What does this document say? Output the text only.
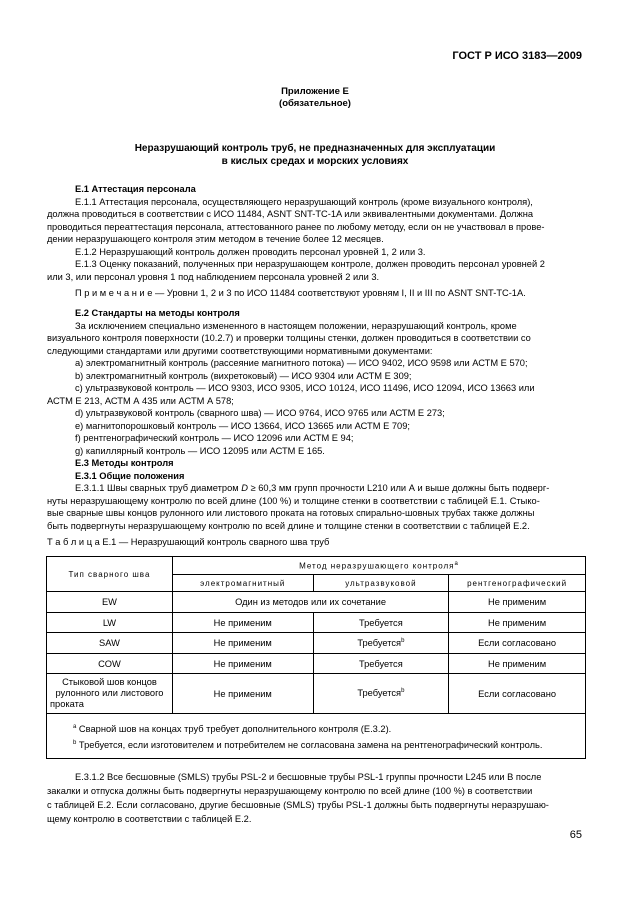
ГОСТ Р ИСО 3183—2009
Приложение Е
(обязательное)
Неразрушающий контроль труб, не предназначенных для эксплуатации
в кислых средах и морских условиях
Е.1 Аттестация персонала
Е.1.1 Аттестация персонала, осуществляющего неразрушающий контроль (кроме визуального контроля),
должна проводиться в соответствии с ИСО 11484, ASNT SNT-TC-1A или эквивалентными документами. Должна
проводиться переаттестация персонала, аттестованного ранее по любому методу, если он не участвовал в прове-
дении неразрушающего контроля этим методом в течение более 12 месяцев.
Е.1.2 Неразрушающий контроль должен проводить персонал уровней 1, 2 или 3.
Е.1.3 Оценку показаний, полученных при неразрушающем контроле, должен проводить персонал уровней 2
или 3, или персонал уровня 1 под наблюдением персонала уровней 2 или 3.
П р и м е ч а н и е — Уровни 1, 2 и 3 по ИСО 11484 соответствуют уровням I, II и III по ASNT SNT-TC-1A.
Е.2 Стандарты на методы контроля
За исключением специально измененного в настоящем положении, неразрушающий контроль, кроме
визуального контроля поверхности (10.2.7) и проверки толщины стенки, должен проводиться в соответствии со
следующими стандартами или другими соответствующими нормативными документами:
a) электромагнитный контроль (рассеяние магнитного потока) — ИСО 9402, ИСО 9598 или АСТМ Е 570;
b) электромагнитный контроль (вихретоковый) — ИСО 9304 или АСТМ Е 309;
c) ультразвуковой контроль — ИСО 9303, ИСО 9305, ИСО 10124, ИСО 11496, ИСО 12094, ИСО 13663 или
АСТМ Е 213, АСТМ А 435 или АСТМ А 578;
d) ультразвуковой контроль (сварного шва) — ИСО 9764, ИСО 9765 или АСТМ Е 273;
e) магнитопорошковый контроль — ИСО 13664, ИСО 13665 или АСТМ Е 709;
f) рентгенографический контроль — ИСО 12096 или АСТМ Е 94;
g) капиллярный контроль — ИСО 12095 или АСТМ Е 165.
Е.3 Методы контроля
Е.3.1 Общие положения
Е.3.1.1 Швы сварных труб диаметром D ≥ 60,3 мм групп прочности L210 или А и выше должны быть подверг-
нуты неразрушающему контролю по всей длине (100 %) и толщине стенки в соответствии с таблицей Е.1. Стыко-
вые сварные швы концов рулонного или листового проката на готовых спирально-шовных трубах также должны
быть подвергнуты неразрушающему контролю по всей длине и толщине стенки в соответствии с таблицей Е.2.
Т а б л и ц а Е.1 — Неразрушающий контроль сварного шва труб
Тип сварного шва	Метод неразрушающего контроля$^a$
	электромагнитный	ультразвуковой	рентгенографический
EW	Один из методов или их сочетание		Не применим
LW	Не применим	Требуется	Не применим
SAW	Не применим	Требуется$^b$	Если согласовано
COW	Не применим	Требуется	Не применим

Стыковой шов концов
рулонного или листового
проката	Не применим	Требуется$^b$	Если согласовано

$^a$ Сварной шов на концах труб требует дополнительного контроля (Е.3.2).
$^b$ Требуется, если изготовителем и потребителем не согласована замена на рентгенографический контроль.			
Е.3.1.2 Все бесшовные (SMLS) трубы PSL-2 и бесшовные трубы PSL-1 группы прочности L245 или В после
закалки и отпуска должны быть подвергнуты неразрушающему контролю по всей длине (100 %) в соответствии
с таблицей Е.2. Если согласовано, другие бесшовные (SMLS) трубы PSL-1 должны быть подвергнуты неразрушаю-
щему контролю в соответствии с таблицей Е.2.
65
